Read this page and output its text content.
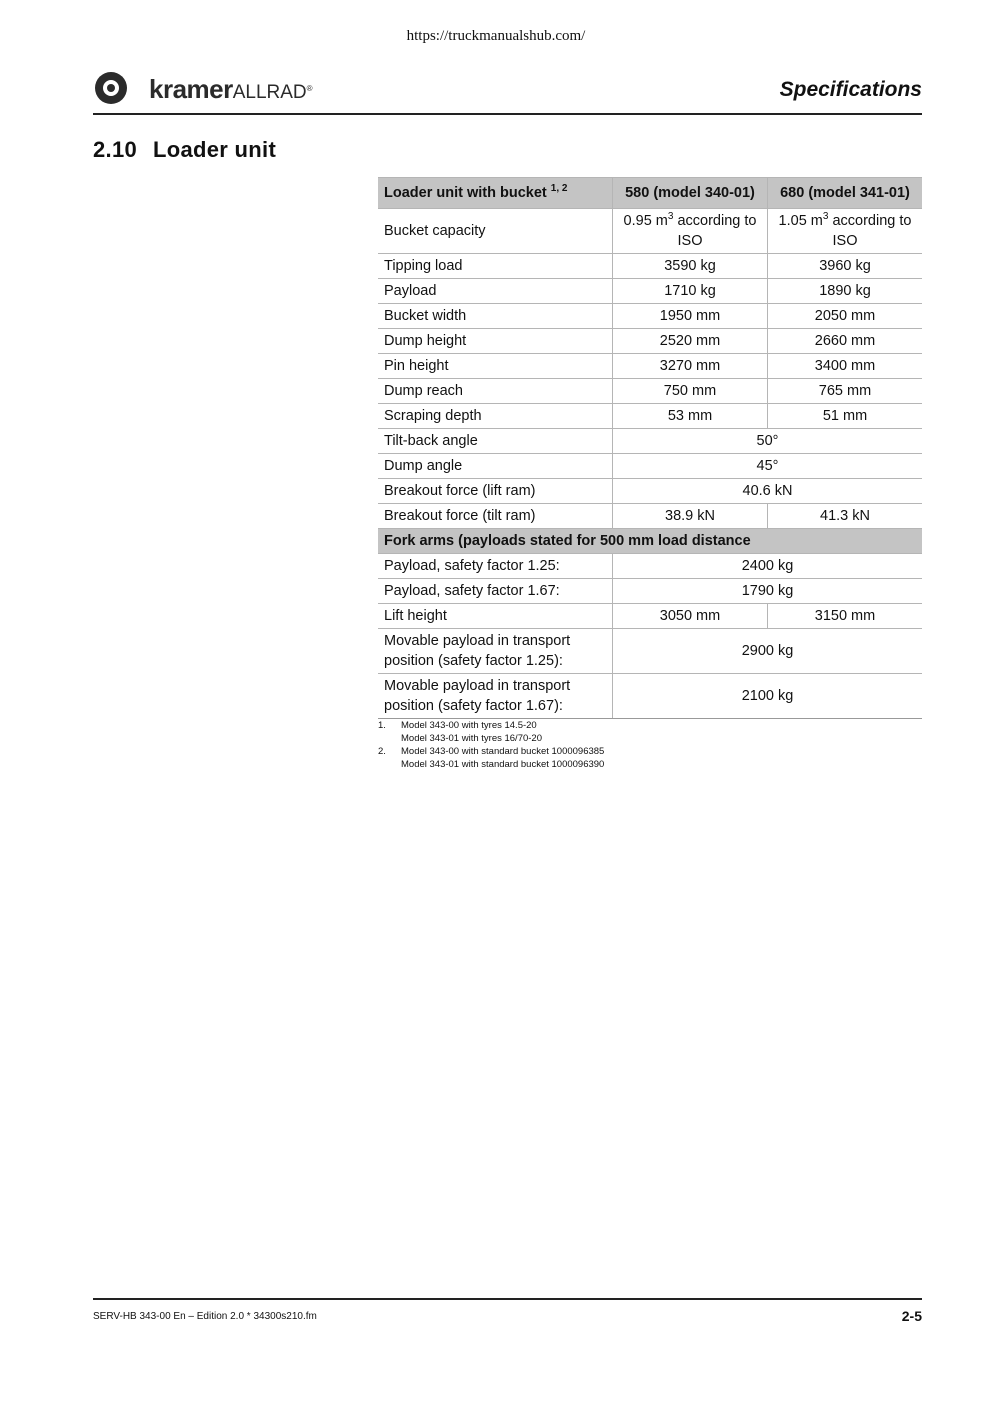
https://truckmanualshub.com/
kramerALLRAD®	Specifications
2.10 Loader unit
Loader unit with bucket $^{1, 2}$	580 (model 340-01)	680 (model 341-01)
Bucket capacity	0.95 $m^3$ according to ISO	1.05 $m^3$ according to ISO
Tipping load	3590 kg	3960 kg
Payload	1710 kg	1890 kg
Bucket width	1950 mm	2050 mm
Dump height	2520 mm	2660 mm
Pin height	3270 mm	3400 mm
Dump reach	750 mm	765 mm
Scraping depth	53 mm	51 mm
Tilt-back angle	50°	
Dump angle	45°	
Breakout force (lift ram)	40.6 kN	
Breakout force (tilt ram)	38.9 kN	41.3 kN
Fork arms (payloads stated for 500 mm load distance		
Payload, safety factor 1.25:	2400 kg	
Payload, safety factor 1.67:	1790 kg	
Lift height	3050 mm	3150 mm
Movable payload in transport position (safety factor 1.25):	2900 kg	
Movable payload in transport position (safety factor 1.67):	2100 kg	
1. Model 343-00 with tyres 14.5-20
Model 343-01 with tyres 16/70-20
2. Model 343-00 with standard bucket 1000096385
Model 343-01 with standard bucket 1000096390
SERV-HB 343-00 En – Edition 2.0 * 34300s210.fm	2-5
